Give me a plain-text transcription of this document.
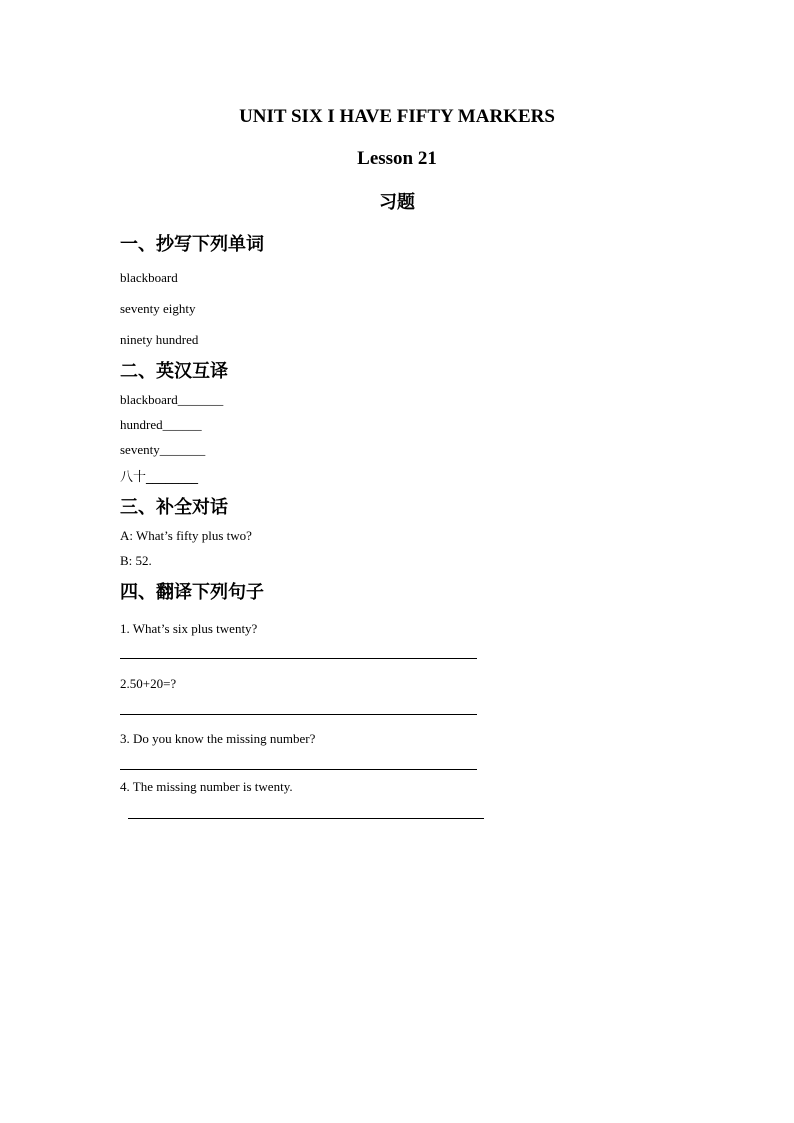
UNIT SIX I HAVE FIFTY MARKERS
Lesson 21
习题
一、抄写下列单词
blackboard
seventy eighty
ninety hundred
二、英汉互译
blackboard_______
hundred______
seventy_______
八十________
三、补全对话
A: What’s fifty plus two?
B: 52.
四、翻译下列句子
1. What’s six plus twenty?
2.50+20=?
3. Do you know the missing number?
4. The missing number is twenty.
